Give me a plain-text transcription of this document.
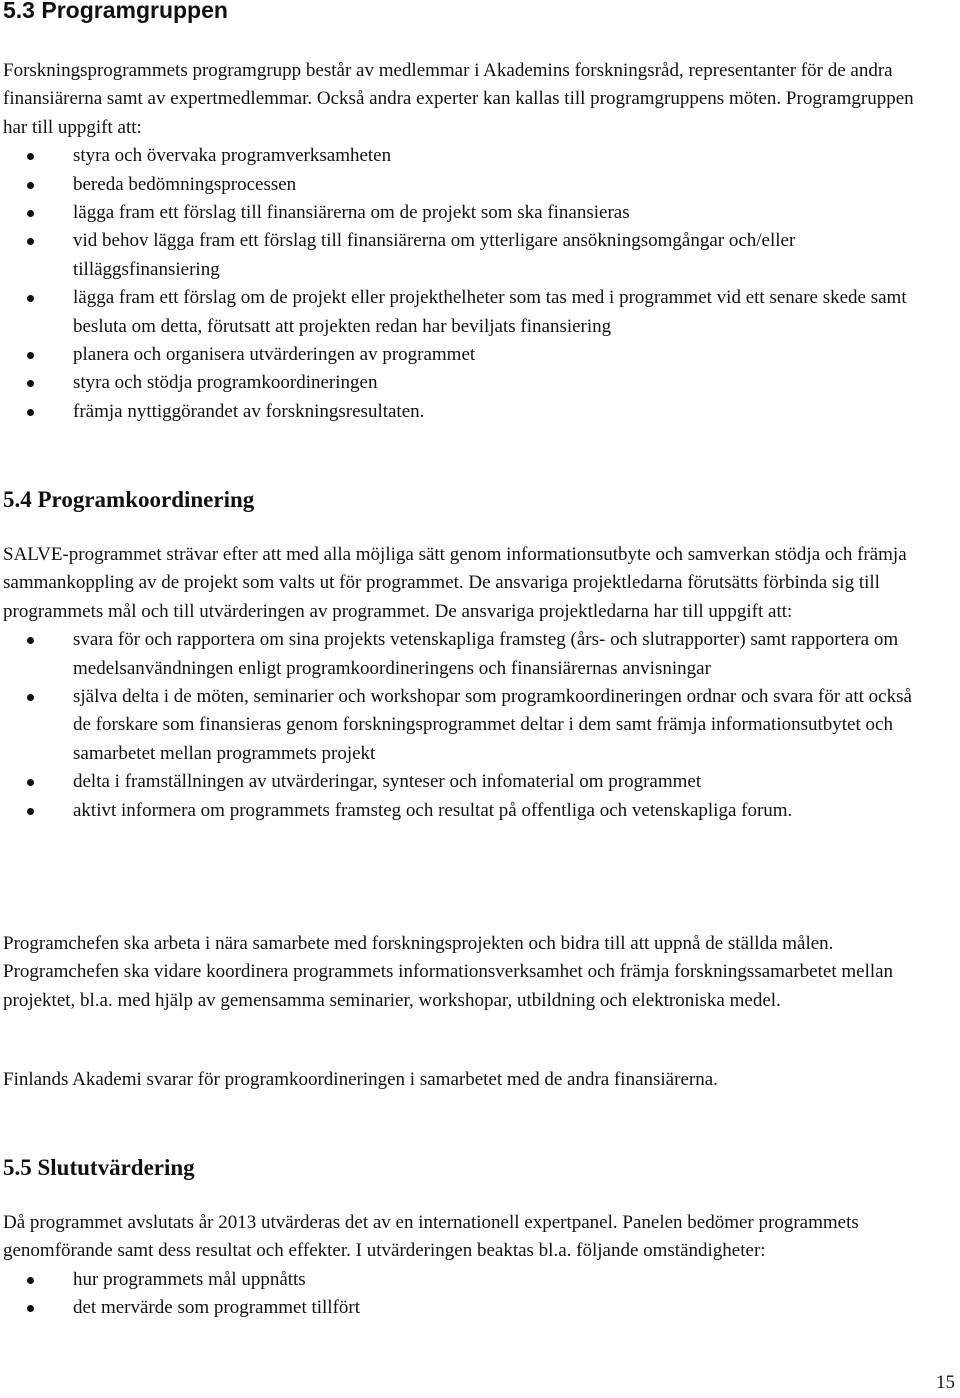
5.3 Programgruppen

Forskningsprogrammets programgrupp består av medlemmar i Akademins forskningsråd, representanter för de andra finansiärerna samt av expertmedlemmar. Också andra experter kan kallas till programgruppens möten. Programgruppen har till uppgift att:

styra och övervaka programverksamheten
bereda bedömningsprocessen
lägga fram ett förslag till finansiärerna om de projekt som ska finansieras
vid behov lägga fram ett förslag till finansiärerna om ytterligare ansökningsomgångar och/eller tilläggsfinansiering
lägga fram ett förslag om de projekt eller projekthelheter som tas med i programmet vid ett senare skede samt besluta om detta, förutsatt att projekten redan har beviljats finansiering
planera och organisera utvärderingen av programmet
styra och stödja programkoordineringen
främja nyttiggörandet av forskningsresultaten.
5.4 Programkoordinering

SALVE-programmet strävar efter att med alla möjliga sätt genom informationsutbyte och samverkan stödja och främja sammankoppling av de projekt som valts ut för programmet. De ansvariga projektledarna förutsätts förbinda sig till programmets mål och till utvärderingen av programmet. De ansvariga projektledarna har till uppgift att:

svara för och rapportera om sina projekts vetenskapliga framsteg (års- och slutrapporter) samt rapportera om medelsanvändningen enligt programkoordineringens och finansiärernas anvisningar
själva delta i de möten, seminarier och workshopar som programkoordineringen ordnar och svara för att också de forskare som finansieras genom forskningsprogrammet deltar i dem samt främja informationsutbytet och samarbetet mellan programmets projekt
delta i framställningen av utvärderingar, synteser och infomaterial om programmet
aktivt informera om programmets framsteg och resultat på offentliga och vetenskapliga forum.

Programchefen ska arbeta i nära samarbete med forskningsprojekten och bidra till att uppnå de ställda målen. Programchefen ska vidare koordinera programmets informationsverksamhet och främja forskningssamarbetet mellan projektet, bl.a. med hjälp av gemensamma seminarier, workshopar, utbildning och elektroniska medel.

Finlands Akademi svarar för programkoordineringen i samarbetet med de andra finansiärerna.

5.5 Slututvärdering

Då programmet avslutats år 2013 utvärderas det av en internationell expertpanel. Panelen bedömer programmets genomförande samt dess resultat och effekter. I utvärderingen beaktas bl.a. följande omständigheter:

hur programmets mål uppnåtts
det mervärde som programmet tillfört
15
